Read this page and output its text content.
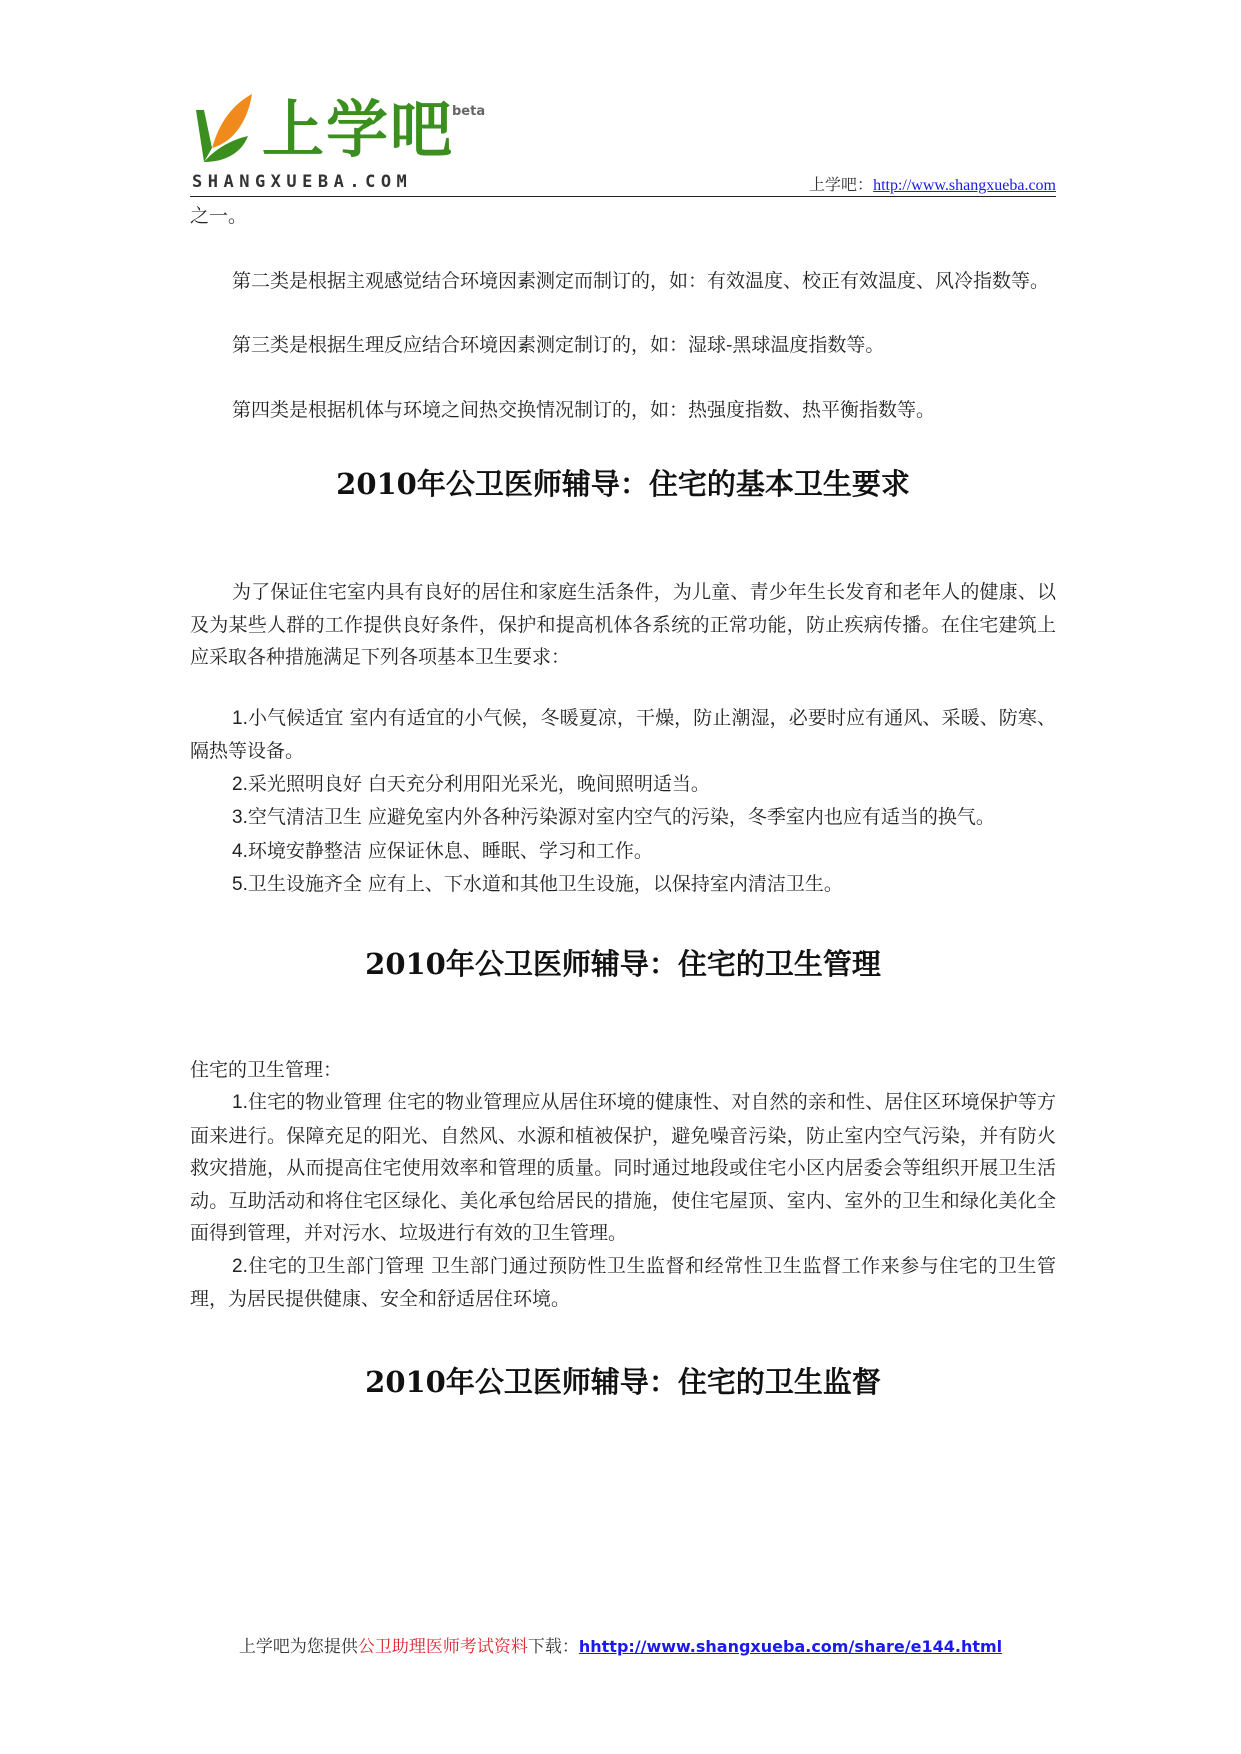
上学吧
beta
SHANGXUEBA.COM	上学吧：http://www.shangxueba.com

之一。

第二类是根据主观感觉结合环境因素测定而制订的，如：有效温度、校正有效温度、风冷指数等。

第三类是根据生理反应结合环境因素测定制订的，如：湿球-黑球温度指数等。

第四类是根据机体与环境之间热交换情况制订的，如：热强度指数、热平衡指数等。

2010年公卫医师辅导：住宅的基本卫生要求

为了保证住宅室内具有良好的居住和家庭生活条件，为儿童、青少年生长发育和老年人的健康、以及为某些人群的工作提供良好条件，保护和提高机体各系统的正常功能，防止疾病传播。在住宅建筑上应采取各种措施满足下列各项基本卫生要求：

1.小气候适宜 室内有适宜的小气候，冬暖夏凉，干燥，防止潮湿，必要时应有通风、采暖、防寒、隔热等设备。

2.采光照明良好 白天充分利用阳光采光，晚间照明适当。

3.空气清洁卫生 应避免室内外各种污染源对室内空气的污染，冬季室内也应有适当的换气。

4.环境安静整洁 应保证休息、睡眠、学习和工作。

5.卫生设施齐全 应有上、下水道和其他卫生设施，以保持室内清洁卫生。

2010年公卫医师辅导：住宅的卫生管理

住宅的卫生管理：

1.住宅的物业管理 住宅的物业管理应从居住环境的健康性、对自然的亲和性、居住区环境保护等方面来进行。保障充足的阳光、自然风、水源和植被保护，避免噪音污染，防止室内空气污染，并有防火救灾措施，从而提高住宅使用效率和管理的质量。同时通过地段或住宅小区内居委会等组织开展卫生活动。互助活动和将住宅区绿化、美化承包给居民的措施，使住宅屋顶、室内、室外的卫生和绿化美化全面得到管理，并对污水、垃圾进行有效的卫生管理。

2.住宅的卫生部门管理 卫生部门通过预防性卫生监督和经常性卫生监督工作来参与住宅的卫生管理，为居民提供健康、安全和舒适居住环境。

2010年公卫医师辅导：住宅的卫生监督
上学吧为您提供公卫助理医师考试资料下载：hhttp://www.shangxueba.com/share/e144.html
